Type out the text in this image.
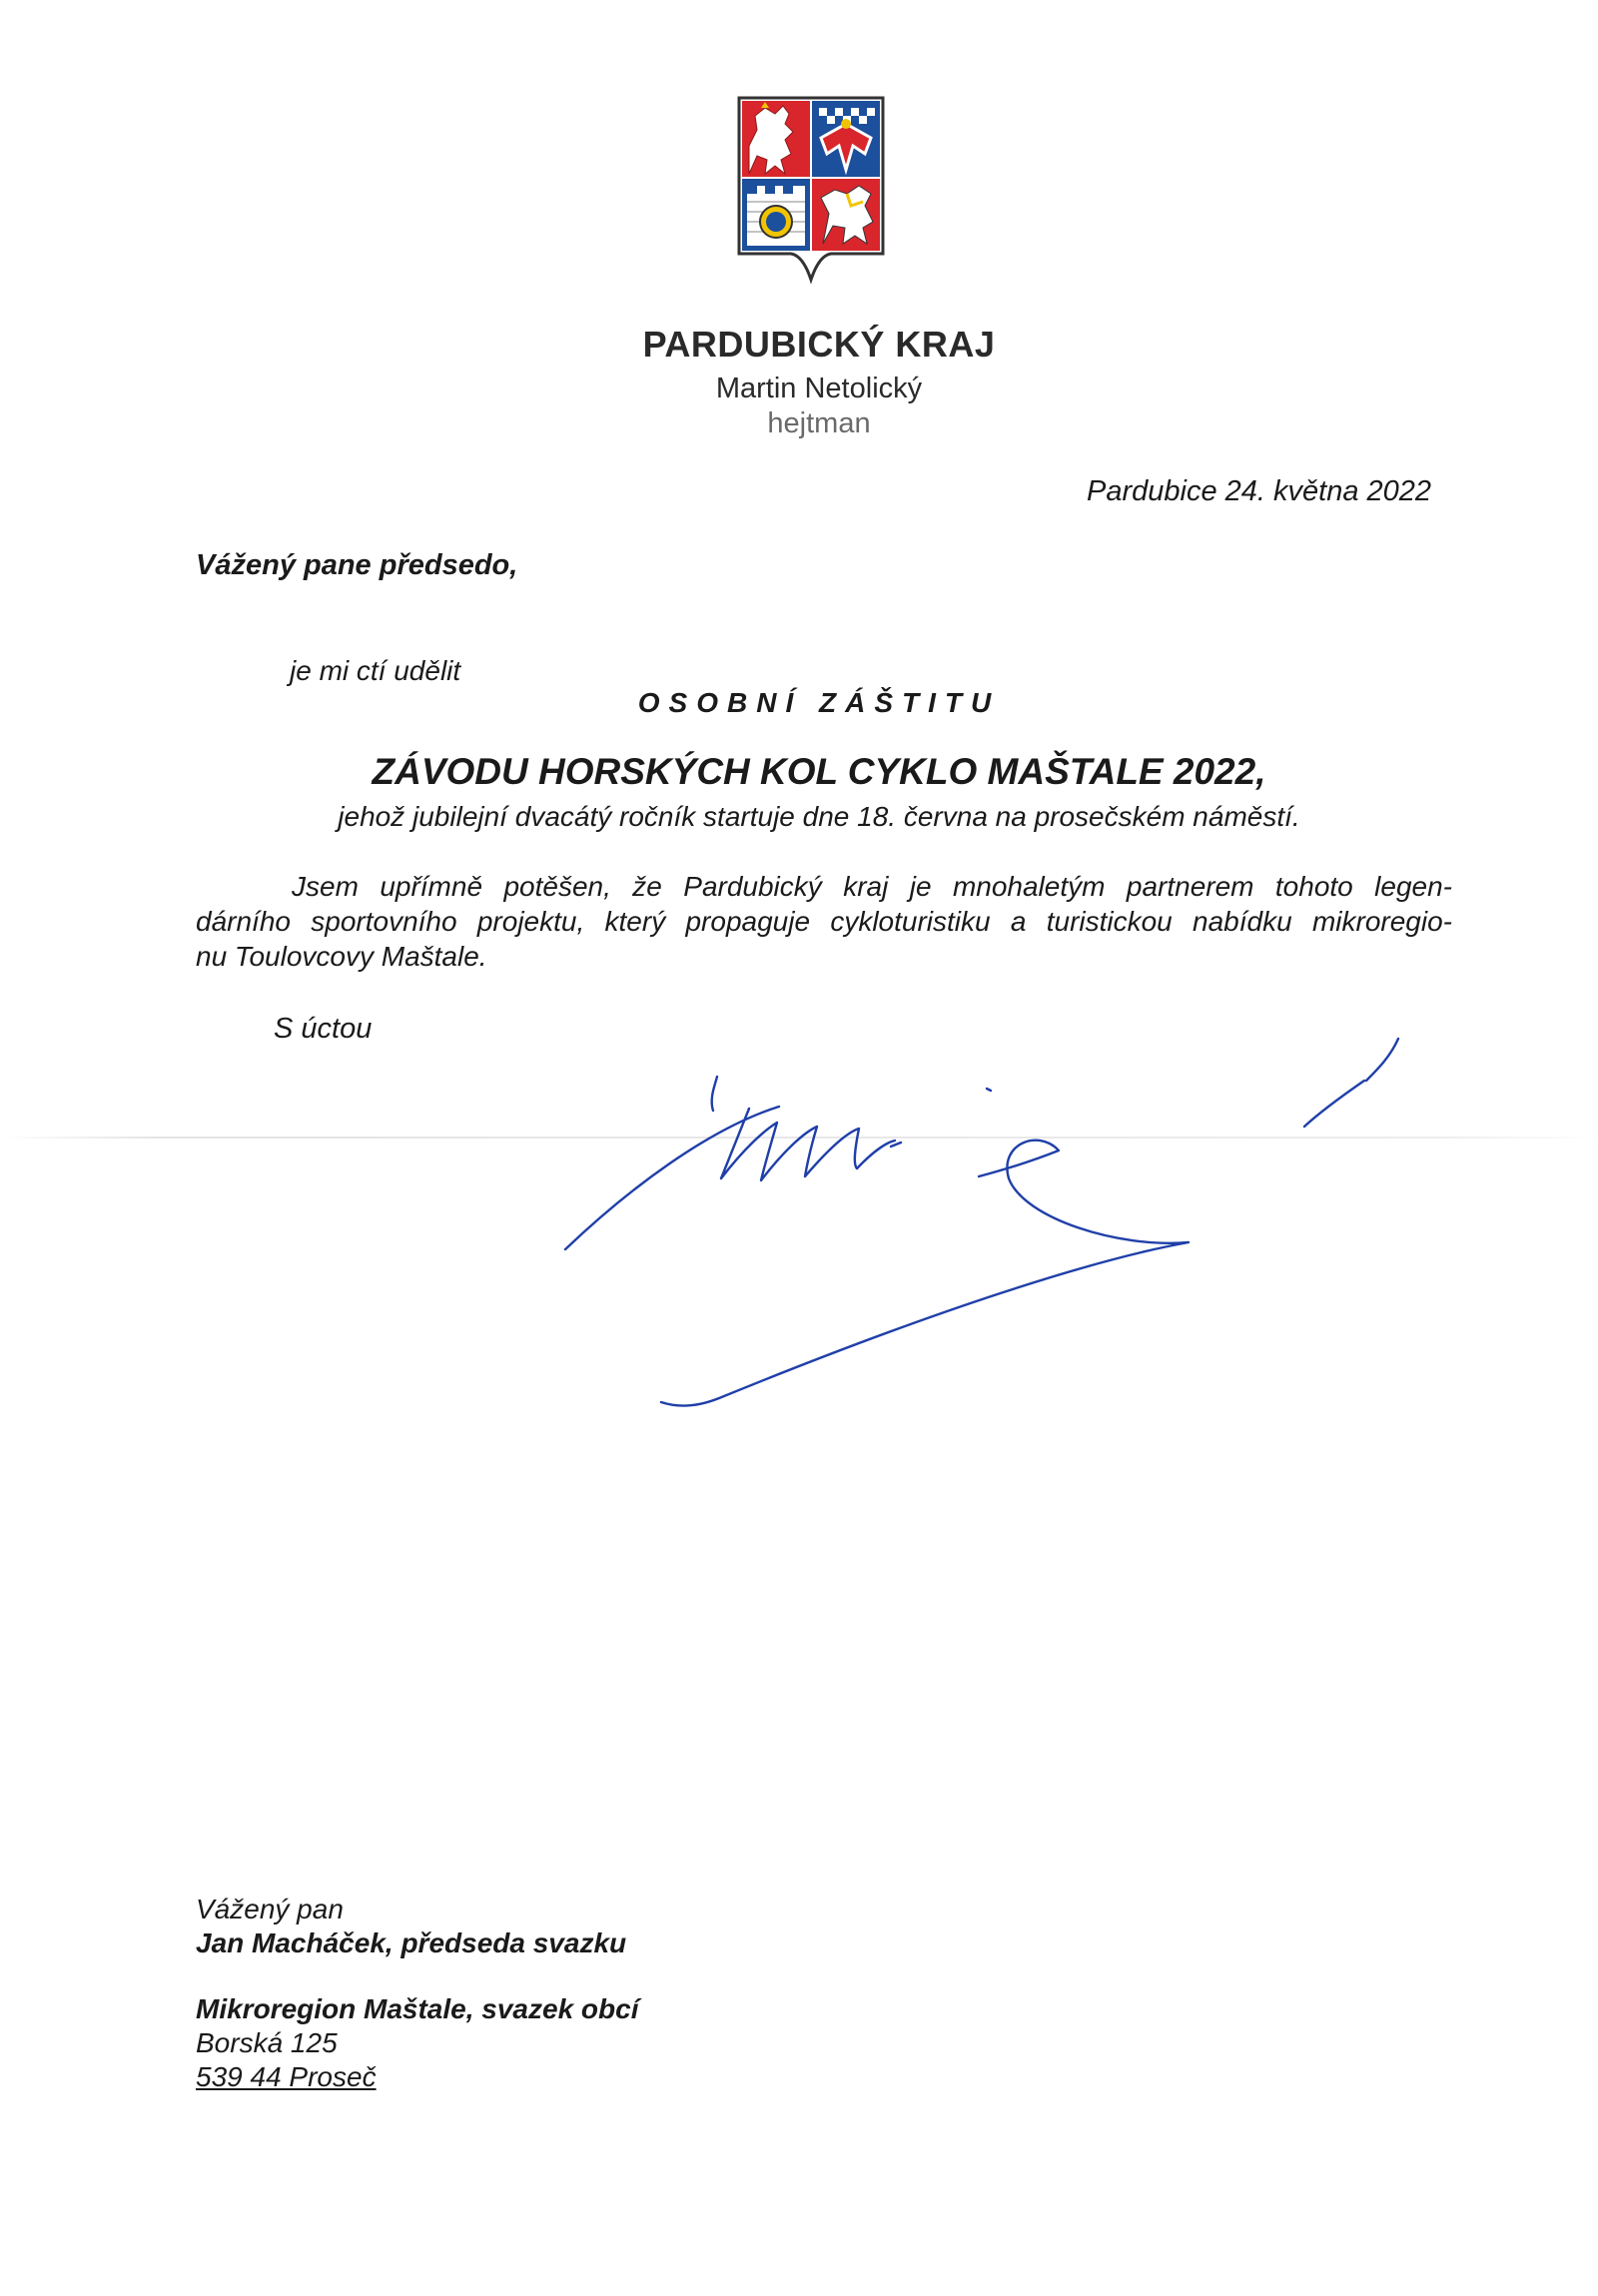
PARDUBICKÝ KRAJ
Martin Netolický
hejtman
Pardubice 24. května 2022
Vážený pane předsedo,
je mi ctí udělit
OSOBNÍ ZÁŠTITU
ZÁVODU HORSKÝCH KOL CYKLO MAŠTALE 2022,
jehož jubilejní dvacátý ročník startuje dne 18. června na prosečském náměstí.
Jsem upřímně potěšen, že Pardubický kraj je mnohaletým partnerem tohoto legen-
dárního sportovního projektu, který propaguje cykloturistiku a turistickou nabídku mikroregio-
nu Toulovcovy Maštale.
S úctou
Vážený pan
Jan Macháček, předseda svazku
Mikroregion Maštale, svazek obcí
Borská 125
539 44 Proseč
